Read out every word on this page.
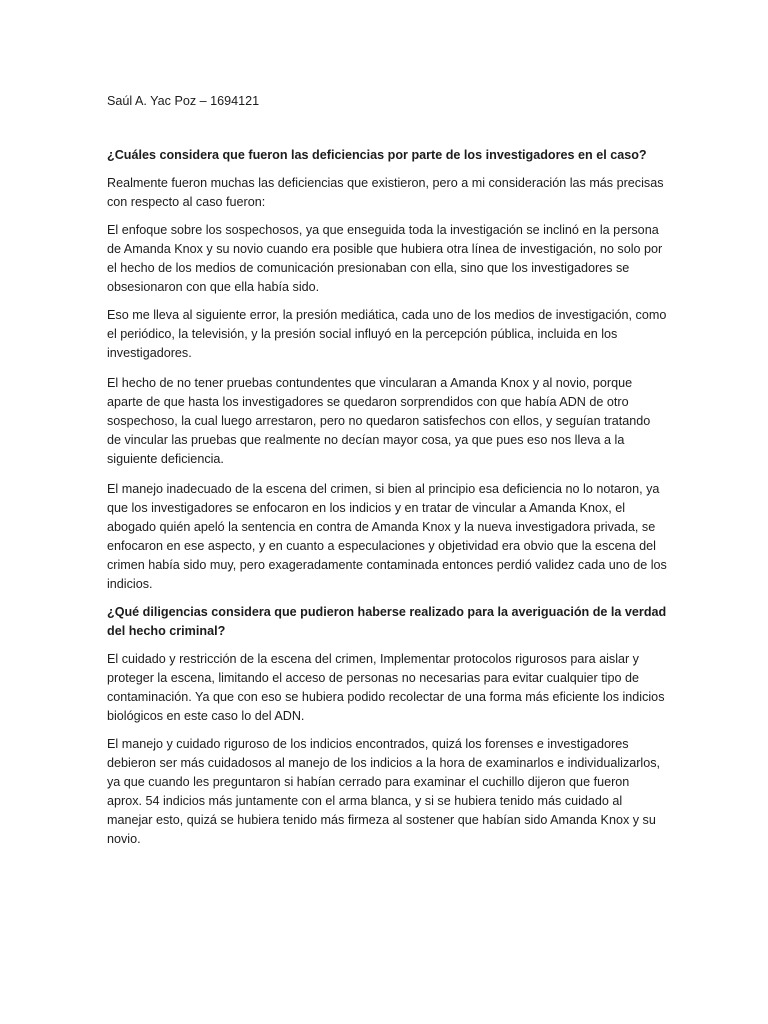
Saúl A. Yac Poz – 1694121

¿Cuáles considera que fueron las deficiencias por parte de los investigadores en el caso?

Realmente fueron muchas las deficiencias que existieron, pero a mi consideración las más precisas con respecto al caso fueron:

El enfoque sobre los sospechosos, ya que enseguida toda la investigación se inclinó en la persona de Amanda Knox y su novio cuando era posible que hubiera otra línea de investigación, no solo por el hecho de los medios de comunicación presionaban con ella, sino que los investigadores se obsesionaron con que ella había sido.

Eso me lleva al siguiente error, la presión mediática, cada uno de los medios de investigación, como el periódico, la televisión, y la presión social influyó en la percepción pública, incluida en los investigadores.

El hecho de no tener pruebas contundentes que vincularan a Amanda Knox y al novio, porque aparte de que hasta los investigadores se quedaron sorprendidos con que había ADN de otro sospechoso, la cual luego arrestaron, pero no quedaron satisfechos con ellos, y seguían tratando de vincular las pruebas que realmente no decían mayor cosa, ya que pues eso nos lleva a la siguiente deficiencia.

El manejo inadecuado de la escena del crimen, si bien al principio esa deficiencia no lo notaron, ya que los investigadores se enfocaron en los indicios y en tratar de vincular a Amanda Knox, el abogado quién apeló la sentencia en contra de Amanda Knox y la nueva investigadora privada, se enfocaron en ese aspecto, y en cuanto a especulaciones y objetividad era obvio que la escena del crimen había sido muy, pero exageradamente contaminada entonces perdió validez cada uno de los indicios.

¿Qué diligencias considera que pudieron haberse realizado para la averiguación de la verdad del hecho criminal?

El cuidado y restricción de la escena del crimen, Implementar protocolos rigurosos para aislar y proteger la escena, limitando el acceso de personas no necesarias para evitar cualquier tipo de contaminación. Ya que con eso se hubiera podido recolectar de una forma más eficiente los indicios biológicos en este caso lo del ADN.

El manejo y cuidado riguroso de los indicios encontrados, quizá los forenses e investigadores debieron ser más cuidadosos al manejo de los indicios a la hora de examinarlos e individualizarlos, ya que cuando les preguntaron si habían cerrado para examinar el cuchillo dijeron que fueron aprox. 54 indicios más juntamente con el arma blanca, y si se hubiera tenido más cuidado al manejar esto, quizá se hubiera tenido más firmeza al sostener que habían sido Amanda Knox y su novio.
